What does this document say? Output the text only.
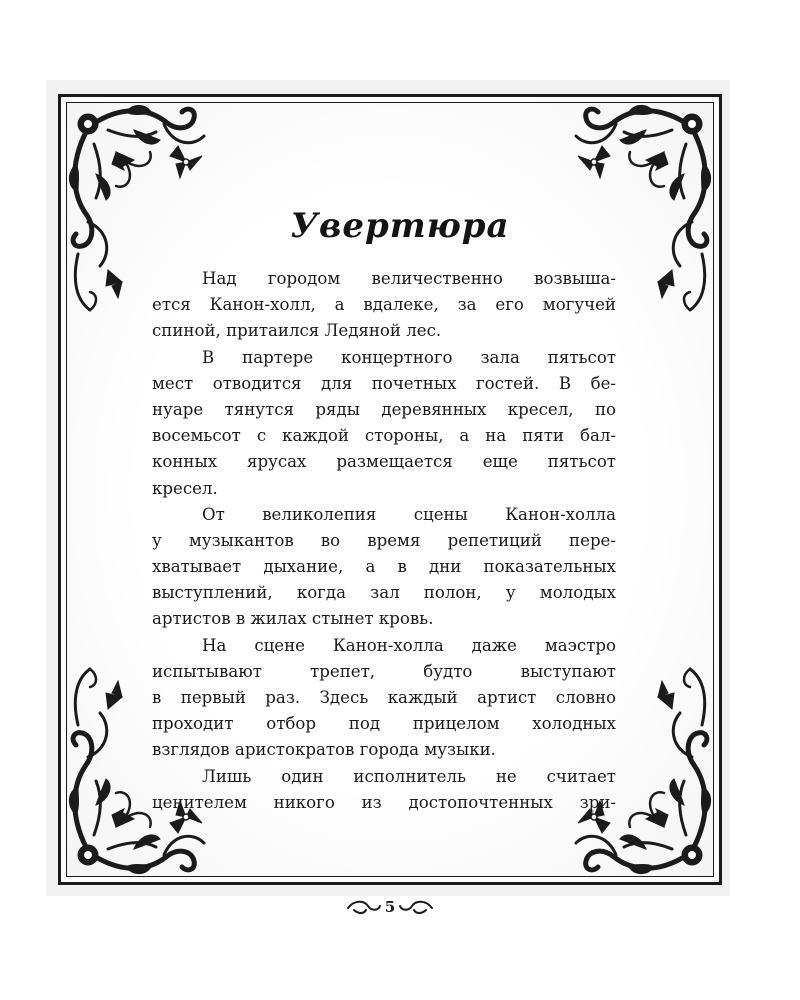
Увертюра
Над городом величественно возвыша-
ется Канон-холл, а вдалеке, за его могучей
спиной, притаился Ледяной лес.
В партере концертного зала пятьсот
мест отводится для почетных гостей. В бе-
нуаре тянутся ряды деревянных кресел, по
восемьсот с каждой стороны, а на пяти бал-
конных ярусах размещается еще пятьсот
кресел.
От великолепия сцены Канон-холла
у музыкантов во время репетиций пере-
хватывает дыхание, а в дни показательных
выступлений, когда зал полон, у молодых
артистов в жилах стынет кровь.
На сцене Канон-холла даже маэстро
испытывают трепет, будто выступают
в первый раз. Здесь каждый артист словно
проходит отбор под прицелом холодных
взглядов аристократов города музыки.
Лишь один исполнитель не считает
ценителем никого из достопочтенных зри-
5
